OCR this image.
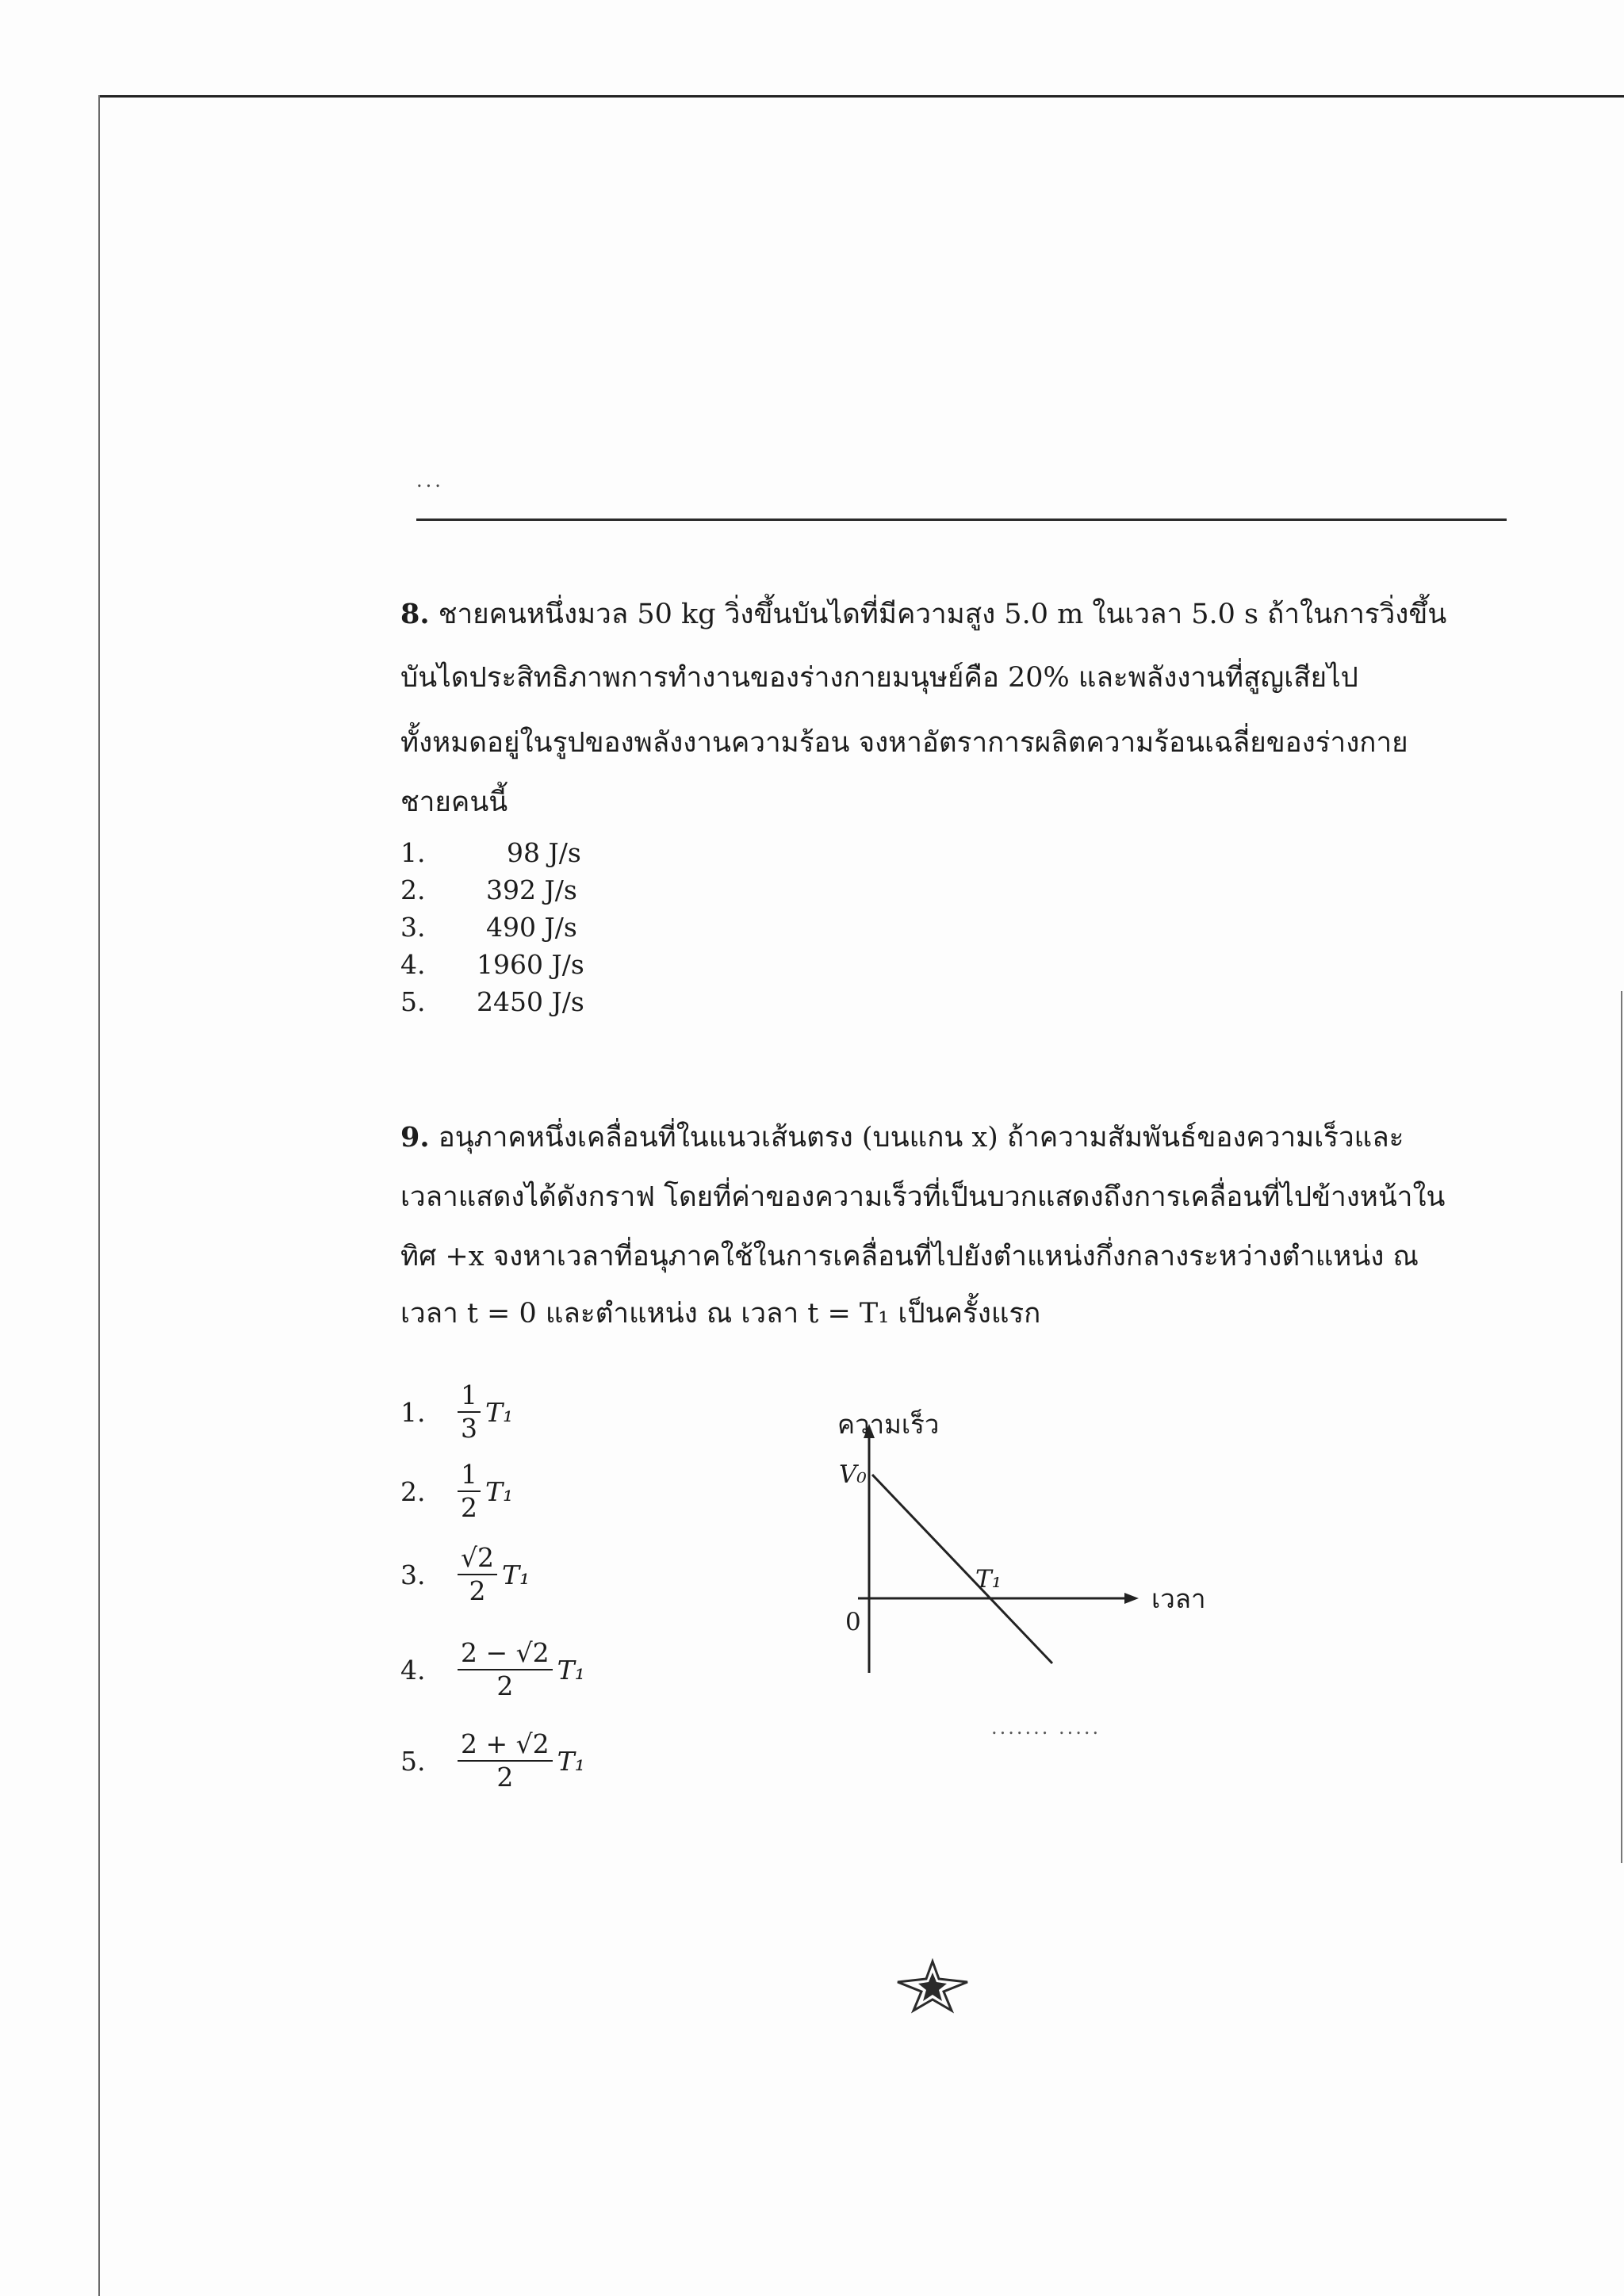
...

8. ชายคนหนึ่งมวล 50 kg วิ่งขึ้นบันไดที่มีความสูง 5.0 m ในเวลา 5.0 s ถ้าในการวิ่งขึ้น

บันไดประสิทธิภาพการทำงานของร่างกายมนุษย์คือ 20% และพลังงานที่สูญเสียไป

ทั้งหมดอยู่ในรูปของพลังงานความร้อน จงหาอัตราการผลิตความร้อนเฉลี่ยของร่างกาย

ชายคนนี้

1.	98 J/s
2.	392 J/s
3.	490 J/s
4.	1960 J/s
5.	2450 J/s

9. อนุภาคหนึ่งเคลื่อนที่ในแนวเส้นตรง (บนแกน x) ถ้าความสัมพันธ์ของความเร็วและ

เวลาแสดงได้ดังกราฟ โดยที่ค่าของความเร็วที่เป็นบวกแสดงถึงการเคลื่อนที่ไปข้างหน้าใน

ทิศ +x จงหาเวลาที่อนุภาคใช้ในการเคลื่อนที่ไปยังตำแหน่งกึ่งกลางระหว่างตำแหน่ง ณ

เวลา t = 0 และตำแหน่ง ณ เวลา t = T₁ เป็นครั้งแรก

1.	$\frac{1}{3} T_1$
2.	$\frac{1}{2} T_1$
3.	$\frac{√2}{2} T_1$
4.	$\frac{2 - √2}{2} T_1$
5.	$\frac{2 + √2}{2} T_1$
ความเร็ว
เวลา
0
V₀
T₁
....... .....
